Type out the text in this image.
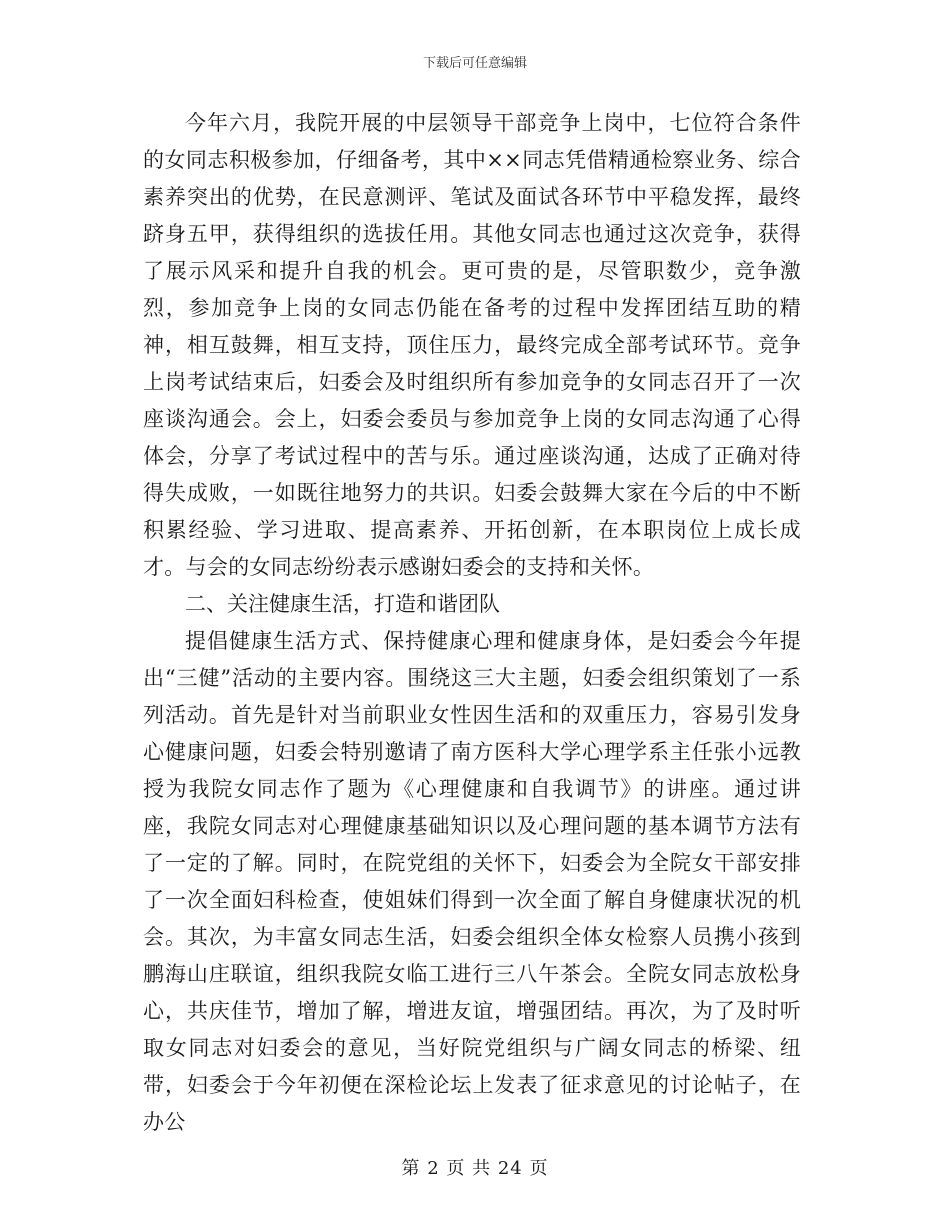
下载后可任意编辑

今年六月，我院开展的中层领导干部竞争上岗中，七位符合条件的女同志积极参加，仔细备考，其中××同志凭借精通检察业务、综合素养突出的优势，在民意测评、笔试及面试各环节中平稳发挥，最终跻身五甲，获得组织的选拔任用。其他女同志也通过这次竞争，获得了展示风采和提升自我的机会。更可贵的是，尽管职数少，竞争激烈，参加竞争上岗的女同志仍能在备考的过程中发挥团结互助的精神，相互鼓舞，相互支持，顶住压力，最终完成全部考试环节。竞争上岗考试结束后，妇委会及时组织所有参加竞争的女同志召开了一次座谈沟通会。会上，妇委会委员与参加竞争上岗的女同志沟通了心得体会，分享了考试过程中的苦与乐。通过座谈沟通，达成了正确对待得失成败，一如既往地努力的共识。妇委会鼓舞大家在今后的中不断积累经验、学习进取、提高素养、开拓创新，在本职岗位上成长成才。与会的女同志纷纷表示感谢妇委会的支持和关怀。

二、关注健康生活，打造和谐团队

提倡健康生活方式、保持健康心理和健康身体，是妇委会今年提出“三健”活动的主要内容。围绕这三大主题，妇委会组织策划了一系列活动。首先是针对当前职业女性因生活和的双重压力，容易引发身心健康问题，妇委会特别邀请了南方医科大学心理学系主任张小远教授为我院女同志作了题为《心理健康和自我调节》的讲座。通过讲座，我院女同志对心理健康基础知识以及心理问题的基本调节方法有了一定的了解。同时，在院党组的关怀下，妇委会为全院女干部安排了一次全面妇科检查，使姐妹们得到一次全面了解自身健康状况的机会。其次，为丰富女同志生活，妇委会组织全体女检察人员携小孩到鹏海山庄联谊，组织我院女临工进行三八午茶会。全院女同志放松身心，共庆佳节，增加了解，增进友谊，增强团结。再次，为了及时听取女同志对妇委会的意见，当好院党组织与广阔女同志的桥梁、纽带，妇委会于今年初便在深检论坛上发表了征求意见的讨论帖子，在办公

第 2 页 共 24 页
